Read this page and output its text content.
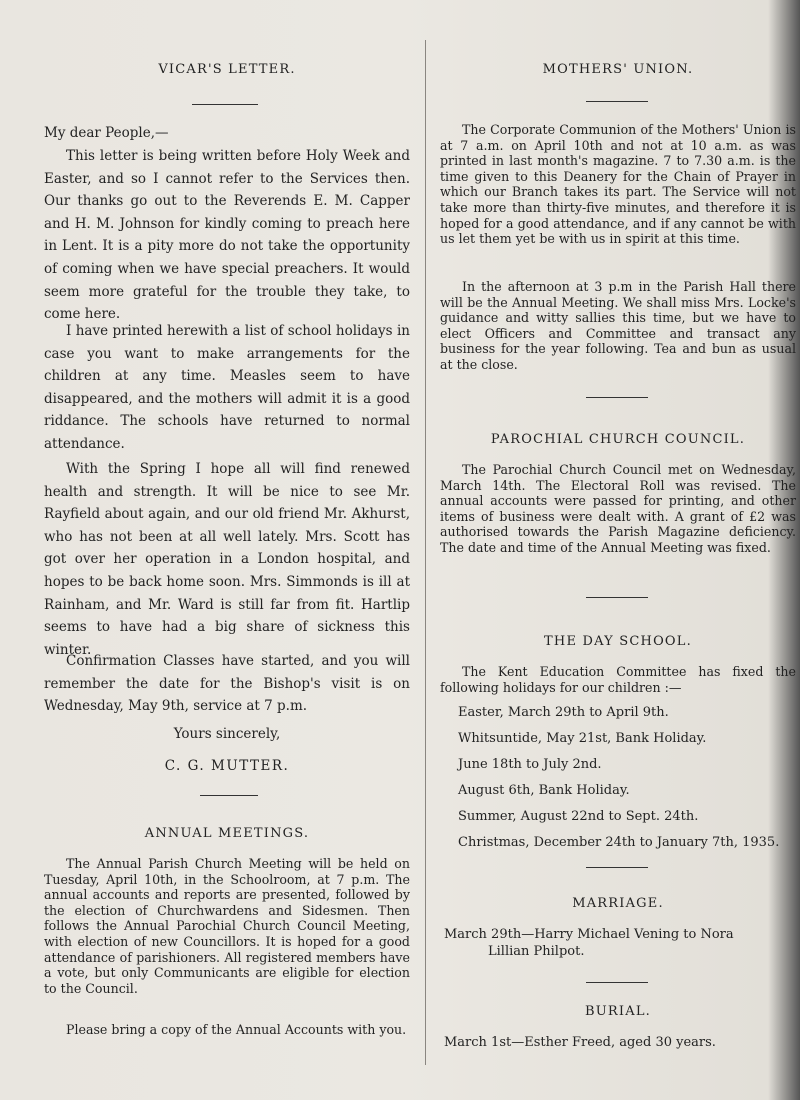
VICAR'S LETTER.

My dear People,—

This letter is being written before Holy Week and Easter, and so I cannot refer to the Services then. Our thanks go out to the Reverends E. M. Capper and H. M. Johnson for kindly coming to preach here in Lent. It is a pity more do not take the opportunity of coming when we have special preachers. It would seem more grateful for the trouble they take, to come here.

I have printed herewith a list of school holidays in case you want to make arrangements for the children at any time. Measles seem to have disappeared, and the mothers will admit it is a good riddance. The schools have returned to normal attendance.

With the Spring I hope all will find renewed health and strength. It will be nice to see Mr. Rayfield about again, and our old friend Mr. Akhurst, who has not been at all well lately. Mrs. Scott has got over her operation in a London hospital, and hopes to be back home soon. Mrs. Simmonds is ill at Rainham, and Mr. Ward is still far from fit. Hartlip seems to have had a big share of sickness this winter.

Confirmation Classes have started, and you will remember the date for the Bishop's visit is on Wednesday, May 9th, service at 7 p.m.

Yours sincerely,

C. G. MUTTER.

ANNUAL MEETINGS.

The Annual Parish Church Meeting will be held on Tuesday, April 10th, in the Schoolroom, at 7 p.m. The annual accounts and reports are presented, followed by the election of Churchwardens and Sidesmen. Then follows the Annual Parochial Church Council Meeting, with election of new Councillors. It is hoped for a good attendance of parishioners. All registered members have a vote, but only Communicants are eligible for election to the Council.

Please bring a copy of the Annual Accounts with you.

MOTHERS' UNION.

The Corporate Communion of the Mothers' Union is at 7 a.m. on April 10th and not at 10 a.m. as was printed in last month's magazine. 7 to 7.30 a.m. is the time given to this Deanery for the Chain of Prayer in which our Branch takes its part. The Service will not take more than thirty-five minutes, and therefore it is hoped for a good attendance, and if any cannot be with us let them yet be with us in spirit at this time.

In the afternoon at 3 p.m in the Parish Hall there will be the Annual Meeting. We shall miss Mrs. Locke's guidance and witty sallies this time, but we have to elect Officers and Committee and transact any business for the year following. Tea and bun as usual at the close.

PAROCHIAL CHURCH COUNCIL.

The Parochial Church Council met on Wednesday, March 14th. The Electoral Roll was revised. The annual accounts were passed for printing, and other items of business were dealt with. A grant of £2 was authorised towards the Parish Magazine deficiency. The date and time of the Annual Meeting was fixed.

THE DAY SCHOOL.

The Kent Education Committee has fixed the following holidays for our children :—

Easter, March 29th to April 9th.
Whitsuntide, May 21st, Bank Holiday.
June 18th to July 2nd.
August 6th, Bank Holiday.
Summer, August 22nd to Sept. 24th.
Christmas, December 24th to January 7th, 1935.
MARRIAGE.
March 29th—Harry Michael Vening to Nora
Lillian Philpot.
BURIAL.
March 1st—Esther Freed, aged 30 years.
